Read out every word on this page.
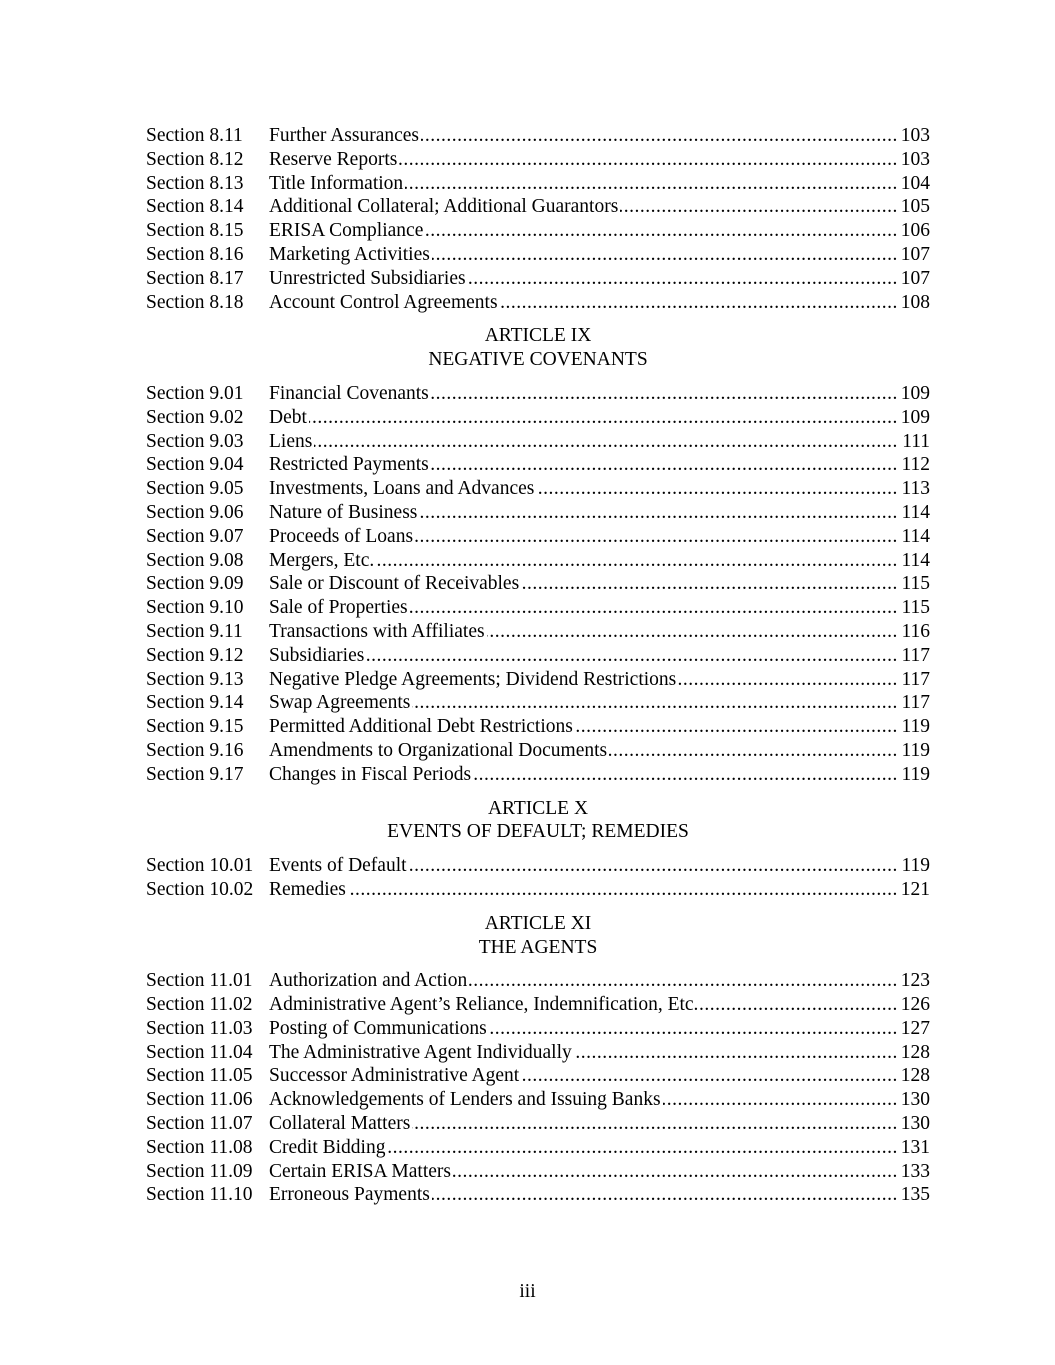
Section 8.11	Further Assurances .....	103
Section 8.12	Reserve Reports .....	103
Section 8.13	Title Information .....	104
Section 8.14	Additional Collateral; Additional Guarantors .....	105
Section 8.15	ERISA Compliance .....	106
Section 8.16	Marketing Activities .....	107
Section 8.17	Unrestricted Subsidiaries .....	107
Section 8.18	Account Control Agreements .....	108
ARTICLE IX
NEGATIVE COVENANTS
Section 9.01	Financial Covenants .....	109
Section 9.02	Debt .....	109
Section 9.03	Liens .....	111
Section 9.04	Restricted Payments .....	112
Section 9.05	Investments, Loans and Advances .....	113
Section 9.06	Nature of Business .....	114
Section 9.07	Proceeds of Loans .....	114
Section 9.08	Mergers, Etc. .....	114
Section 9.09	Sale or Discount of Receivables .....	115
Section 9.10	Sale of Properties .....	115
Section 9.11	Transactions with Affiliates .....	116
Section 9.12	Subsidiaries .....	117
Section 9.13	Negative Pledge Agreements; Dividend Restrictions .....	117
Section 9.14	Swap Agreements .....	117
Section 9.15	Permitted Additional Debt Restrictions .....	119
Section 9.16	Amendments to Organizational Documents .....	119
Section 9.17	Changes in Fiscal Periods .....	119
ARTICLE X
EVENTS OF DEFAULT; REMEDIES
Section 10.01 Events of Default .....	119
Section 10.02 Remedies .....	121
ARTICLE XI
THE AGENTS
Section 11.01 Authorization and Action .....	123
Section 11.02 Administrative Agent’s Reliance, Indemnification, Etc. .....	126
Section 11.03 Posting of Communications .....	127
Section 11.04 The Administrative Agent Individually .....	128
Section 11.05 Successor Administrative Agent .....	128
Section 11.06 Acknowledgements of Lenders and Issuing Banks .....	130
Section 11.07 Collateral Matters .....	130
Section 11.08 Credit Bidding .....	131
Section 11.09 Certain ERISA Matters .....	133
Section 11.10 Erroneous Payments .....	135
iii
